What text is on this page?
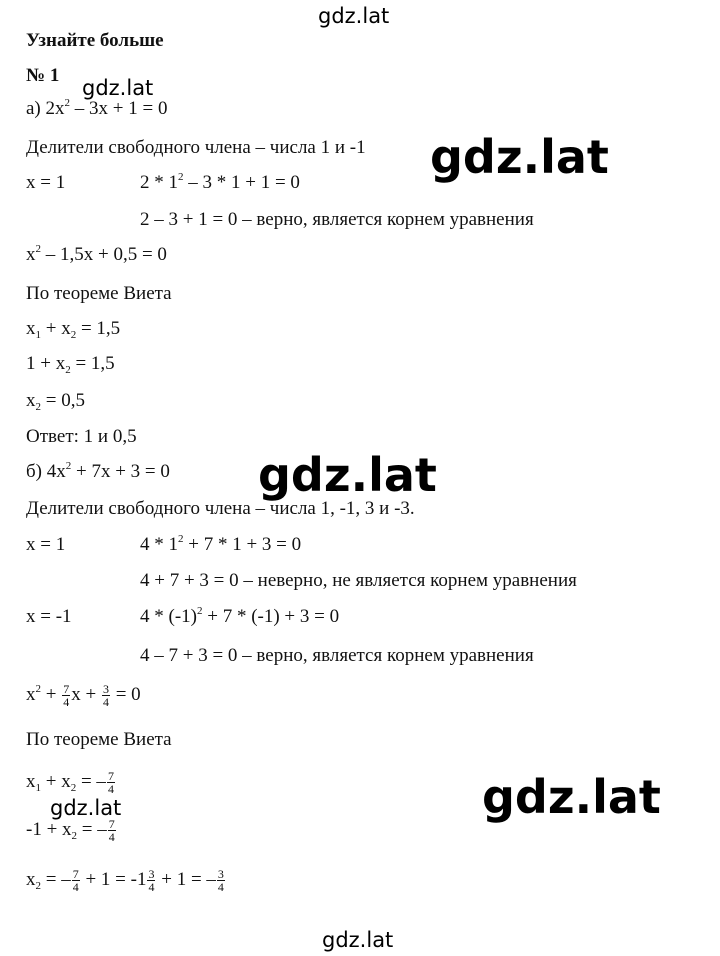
gdz.lat
gdz.lat
gdz.lat
gdz.lat
gdz.lat
gdz.lat
gdz.lat
Узнайте больше
№ 1
а) $2x^2 - 3x + 1 = 0$
Делители свободного члена – числа 1 и -1
x = 1	$2 * 1^2 - 3 * 1 + 1 = 0$
2 – 3 + 1 = 0 – верно, является корнем уравнения
$x^2 - 1,5x + 0,5 = 0$
По теореме Виета
$x_1 + x_2 = 1,5$
$1 + x_2 = 1,5$
$x_2 = 0,5$
Ответ: 1 и 0,5
б) $4x^2 + 7x + 3 = 0$
Делители свободного члена – числа 1, -1, 3 и -3.
x = 1	$4 * 1^2 + 7 * 1 + 3 = 0$
4 + 7 + 3 = 0 – неверно, не является корнем уравнения
x = -1	$4 * (-1)^2 + 7 * (-1) + 3 = 0$
4 – 7 + 3 = 0 – верно, является корнем уравнения
$x^2 + \frac{7}{4}$ $x + \frac{3}{4} = 0$
По теореме Виета
$x_1 + x_2$ = – $\frac{7}{4}$
$-1 + x_2$ = – $\frac{7}{4}$
$x_2$ = – $\frac{7}{4} + 1 = -1 \frac{3}{4} + 1$ = – $\frac{3}{4}$
